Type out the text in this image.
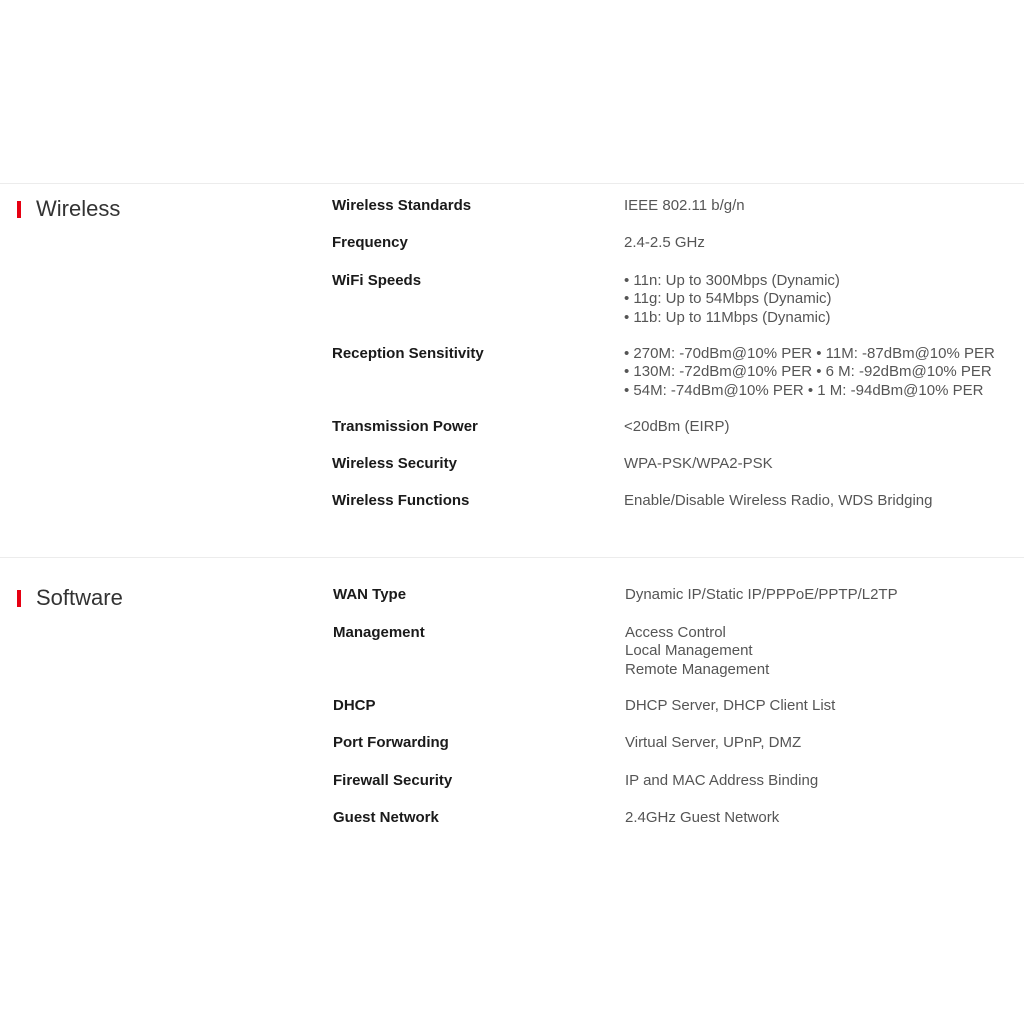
Wireless	Wireless Standards	IEEE 802.11 b/g/n
Frequency	2.4-2.5 GHz
WiFi Speeds	• 11n: Up to 300Mbps (Dynamic)
• 11g: Up to 54Mbps (Dynamic)
• 11b: Up to 11Mbps (Dynamic)
Reception Sensitivity	• 270M: -70dBm@10% PER • 11M: -87dBm@10% PER
• 130M: -72dBm@10% PER • 6 M: -92dBm@10% PER
• 54M: -74dBm@10% PER • 1 M: -94dBm@10% PER
Transmission Power	<20dBm (EIRP)
Wireless Security	WPA-PSK/WPA2-PSK
Wireless Functions	Enable/Disable Wireless Radio, WDS Bridging
Software	WAN Type	Dynamic IP/Static IP/PPPoE/PPTP/L2TP
Management	Access Control
Local Management
Remote Management
DHCP	DHCP Server, DHCP Client List
Port Forwarding	Virtual Server, UPnP, DMZ
Firewall Security	IP and MAC Address Binding
Guest Network	2.4GHz Guest Network
